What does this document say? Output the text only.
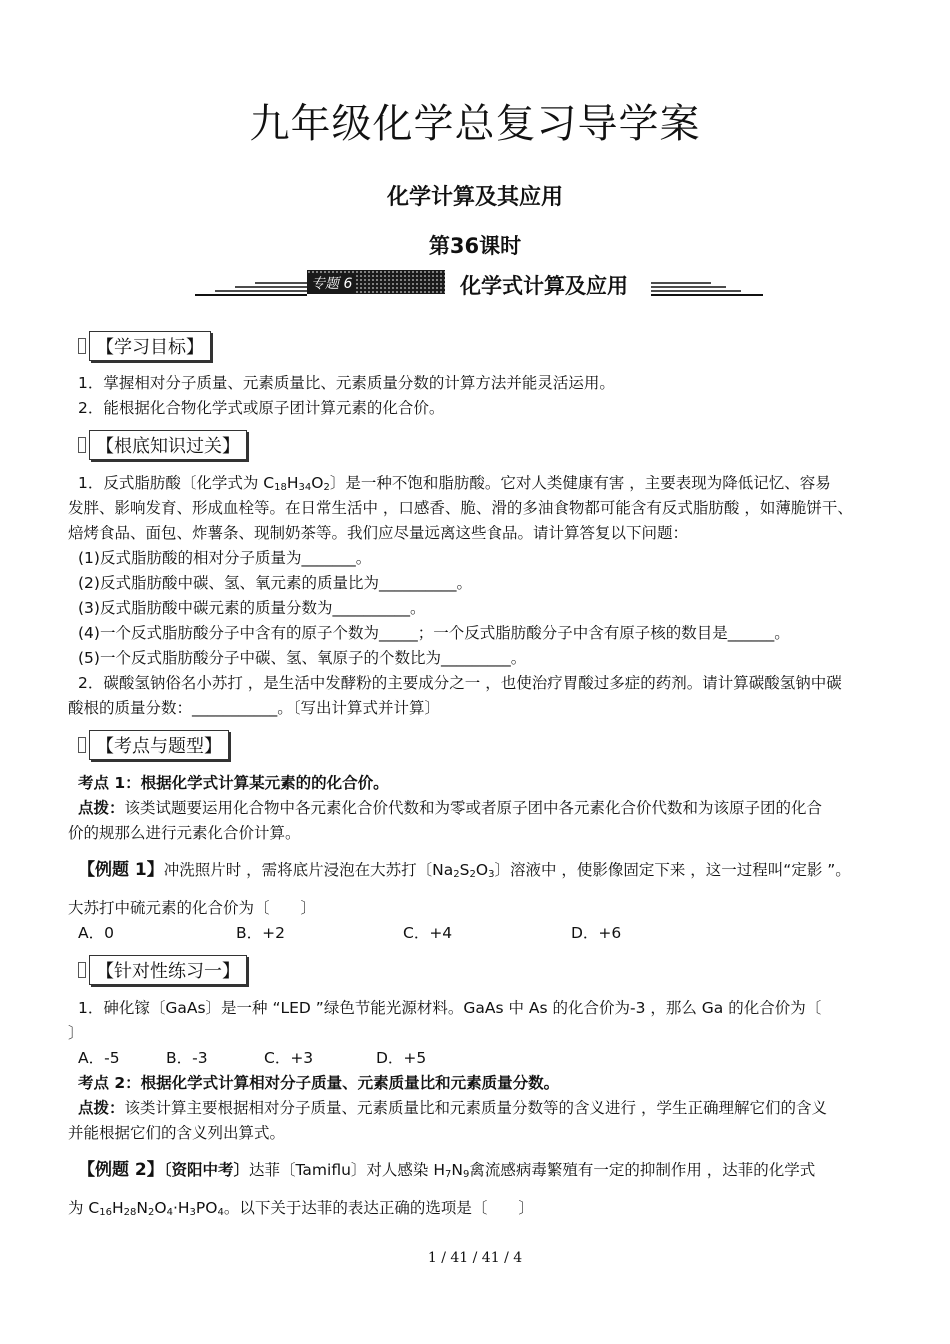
九年级化学总复习导学案
化学计算及其应用
第36课时
专题 6	化学式计算及应用
【学习目标】
1．掌握相对分子质量、元素质量比、元素质量分数的计算方法并能灵活运用。
2．能根据化合物化学式或原子团计算元素的化合价。
【根底知识过关】
1．反式脂肪酸〔化学式为 $C_{18}H_{34}O_2$〕是一种不饱和脂肪酸。它对人类健康有害 ，主要表现为降低记忆、容易
发胖、影响发育、形成血栓等。在日常生活中 ，口感香、脆、滑的多油食物都可能含有反式脂肪酸 ，如薄脆饼干、
焙烤食品、面包、炸薯条、现制奶茶等。我们应尽量远离这些食品。请计算答复以下问题：
(1)反式脂肪酸的相对分子质量为_______。
(2)反式脂肪酸中碳、氢、氧元素的质量比为__________。
(3)反式脂肪酸中碳元素的质量分数为__________。
(4)一个反式脂肪酸分子中含有的原子个数为_____；一个反式脂肪酸分子中含有原子核的数目是______。
(5)一个反式脂肪酸分子中碳、氢、氧原子的个数比为_________。
2．碳酸氢钠俗名小苏打 ，是生活中发酵粉的主要成分之一 ，也使治疗胃酸过多症的药剂。请计算碳酸氢钠中碳
酸根的质量分数：___________。〔写出计算式并计算〕
【考点与题型】
考点 1：根据化学式计算某元素的的化合价。
点拨：该类试题要运用化合物中各元素化合价代数和为零或者原子团中各元素化合价代数和为该原子团的化合
价的规那么进行元素化合价计算。
【例题 1】冲洗照片时 ，需将底片浸泡在大苏打〔$Na_2S_2O_3$〕溶液中 ，使影像固定下来 ，这一过程叫“定影 ”。
大苏打中硫元素的化合价为〔　　〕
A．0	B．+2	C．+4	D．+6
【针对性练习一】
1．砷化镓〔GaAs〕是一种 “LED ”绿色节能光源材料。GaAs 中 As 的化合价为-3 ，那么 Ga 的化合价为〔
〕
A．-5	B．-3	C．+3	D．+5
考点 2：根据化学式计算相对分子质量、元素质量比和元素质量分数。
点拨：该类计算主要根据相对分子质量、元素质量比和元素质量分数等的含义进行 ，学生正确理解它们的含义
并能根据它们的含义列出算式。
【例题 2】〔资阳中考〕达菲〔Tamiflu〕对人感染 $H_7N_9$禽流感病毒繁殖有一定的抑制作用 ，达菲的化学式
为 $C_{16}H_{28}N_2O_4\cdot H_3PO_4$。以下关于达菲的表达正确的选项是〔　　〕
1 / 41 / 41 / 4
